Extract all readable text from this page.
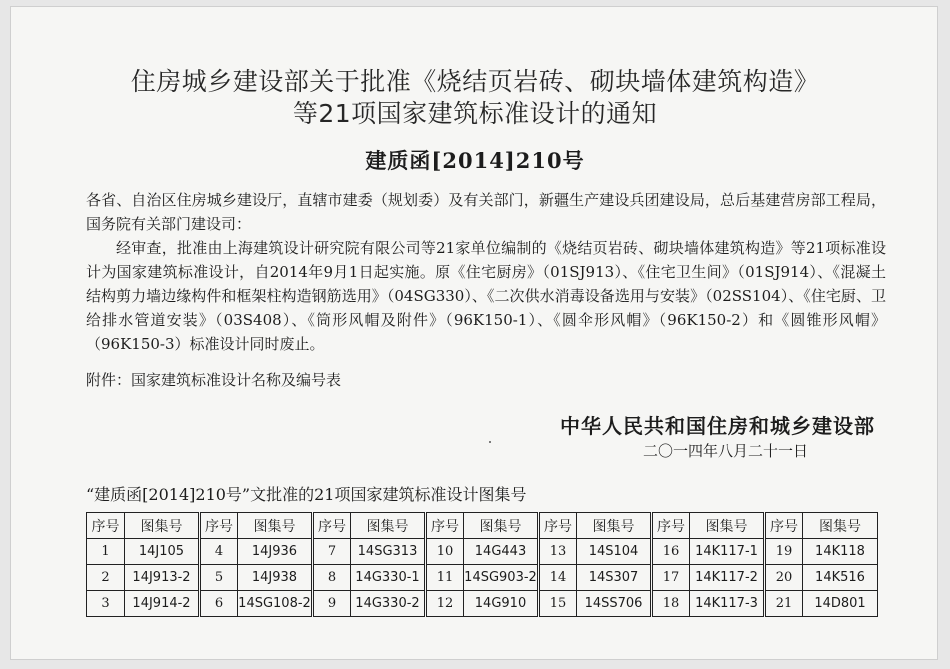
住房城乡建设部关于批准《烧结页岩砖、砌块墙体建筑构造》
等21项国家建筑标准设计的通知
建质函[2014]210号
各省、自治区住房城乡建设厅，直辖市建委（规划委）及有关部门，新疆生产建设兵团建设局，总后基建营房部工程局，国务院有关部门建设司：
经审查，批准由上海建筑设计研究院有限公司等21家单位编制的《烧结页岩砖、砌块墙体建筑构造》等21项标准设计为国家建筑标准设计，自2014年9月1日起实施。原《住宅厨房》（01SJ913）、《住宅卫生间》（01SJ914）、《混凝土结构剪力墙边缘构件和框架柱构造钢筋选用》（04SG330）、《二次供水消毒设备选用与安装》（02SS104）、《住宅厨、卫给排水管道安装》（03S408）、《筒形风帽及附件》（96K150-1）、《圆伞形风帽》（96K150-2）和《圆锥形风帽》（96K150-3）标准设计同时废止。
附件：国家建筑标准设计名称及编号表
中华人民共和国住房和城乡建设部
二〇一四年八月二十一日
“建质函[2014]210号”文批准的21项国家建筑标准设计图集号
序号	图集号	序号	图集号	序号	图集号	序号	图集号	序号	图集号	序号	图集号	序号	图集号
1	14J105	4	14J936	7	14SG313	10	14G443	13	14S104	16	14K117-1	19	14K118
2	14J913-2	5	14J938	8	14G330-1	11	14SG903-2	14	14S307	17	14K117-2	20	14K516
3	14J914-2	6	14SG108-2	9	14G330-2	12	14G910	15	14SS706	18	14K117-3	21	14D801
